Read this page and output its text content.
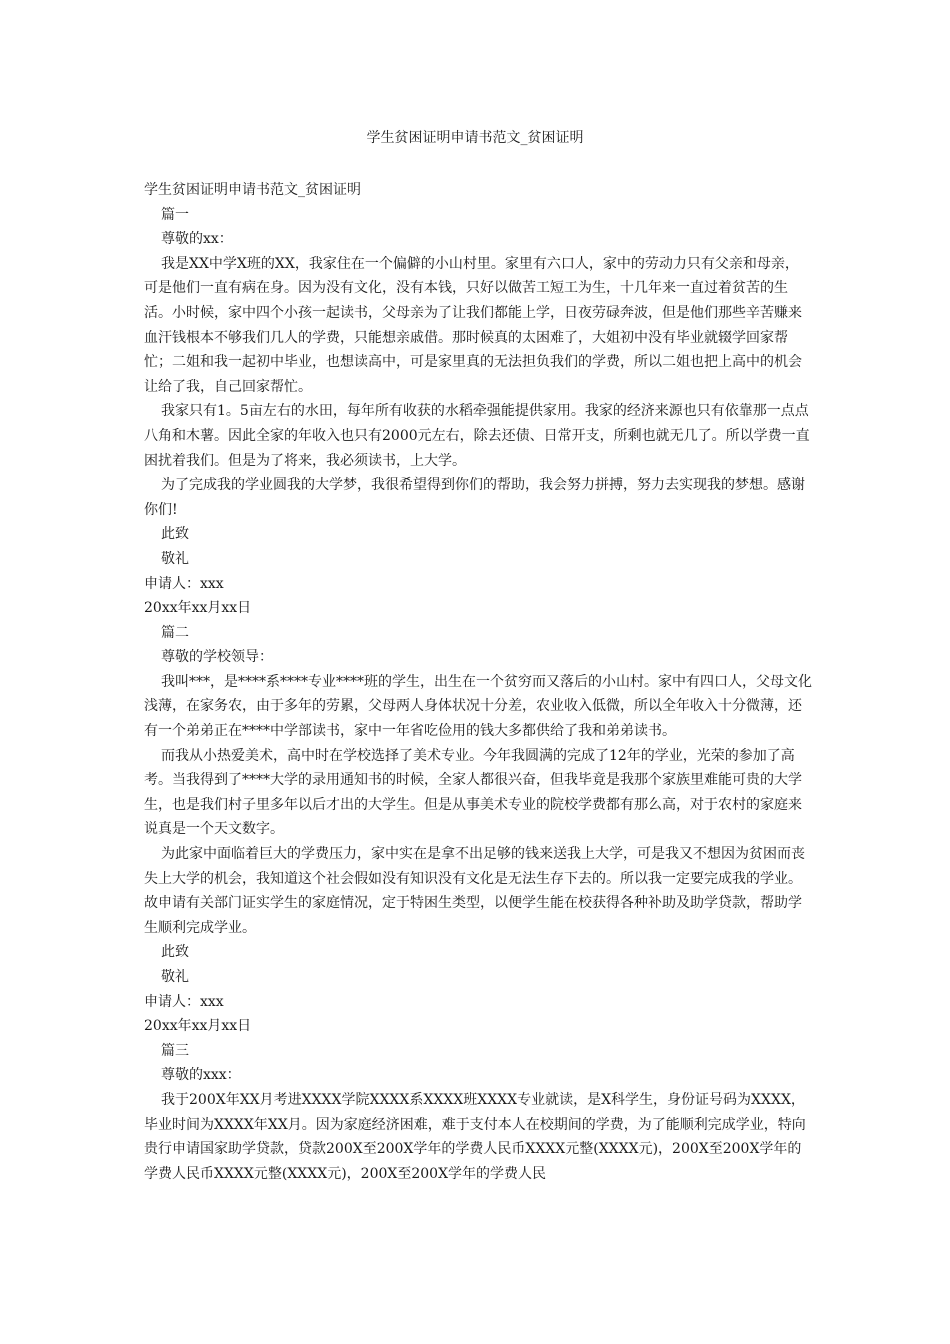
学生贫困证明申请书范文_贫困证明

学生贫困证明申请书范文_贫困证明

篇一

尊敬的xx：

我是XX中学X班的XX，我家住在一个偏僻的小山村里。家里有六口人，家中的劳动力只有父亲和母亲，可是他们一直有病在身。因为没有文化，没有本钱，只好以做苦工短工为生，十几年来一直过着贫苦的生活。小时候，家中四个小孩一起读书，父母亲为了让我们都能上学，日夜劳碌奔波，但是他们那些辛苦赚来血汗钱根本不够我们几人的学费，只能想亲戚借。那时候真的太困难了，大姐初中没有毕业就辍学回家帮忙；二姐和我一起初中毕业，也想读高中，可是家里真的无法担负我们的学费，所以二姐也把上高中的机会让给了我，自己回家帮忙。

我家只有1。5亩左右的水田，每年所有收获的水稻牵强能提供家用。我家的经济来源也只有依靠那一点点八角和木薯。因此全家的年收入也只有2000元左右，除去还债、日常开支，所剩也就无几了。所以学费一直困扰着我们。但是为了将来，我必须读书，上大学。

为了完成我的学业圆我的大学梦，我很希望得到你们的帮助，我会努力拼搏，努力去实现我的梦想。感谢你们!

此致

敬礼

申请人：xxx

20xx年xx月xx日

篇二

尊敬的学校领导：

我叫***，是****系****专业****班的学生，出生在一个贫穷而又落后的小山村。家中有四口人，父母文化浅薄，在家务农，由于多年的劳累，父母两人身体状况十分差，农业收入低微，所以全年收入十分微薄，还有一个弟弟正在****中学部读书，家中一年省吃俭用的钱大多都供给了我和弟弟读书。

而我从小热爱美术，高中时在学校选择了美术专业。今年我圆满的完成了12年的学业，光荣的参加了高考。当我得到了****大学的录用通知书的时候，全家人都很兴奋，但我毕竟是我那个家族里难能可贵的大学生，也是我们村子里多年以后才出的大学生。但是从事美术专业的院校学费都有那么高，对于农村的家庭来说真是一个天文数字。

为此家中面临着巨大的学费压力，家中实在是拿不出足够的钱来送我上大学，可是我又不想因为贫困而丧失上大学的机会，我知道这个社会假如没有知识没有文化是无法生存下去的。所以我一定要完成我的学业。故申请有关部门证实学生的家庭情况，定于特困生类型，以便学生能在校获得各种补助及助学贷款，帮助学生顺利完成学业。

此致

敬礼

申请人：xxx

20xx年xx月xx日

篇三

尊敬的xxx：

我于200X年XX月考进XXXX学院XXXX系XXXX班XXXX专业就读，是X科学生，身份证号码为XXXX，毕业时间为XXXX年XX月。因为家庭经济困难，难于支付本人在校期间的学费，为了能顺利完成学业，特向贵行申请国家助学贷款，贷款200X至200X学年的学费人民币XXXX元整(XXXX元)，200X至200X学年的学费人民币XXXX元整(XXXX元)，200X至200X学年的学费人民
